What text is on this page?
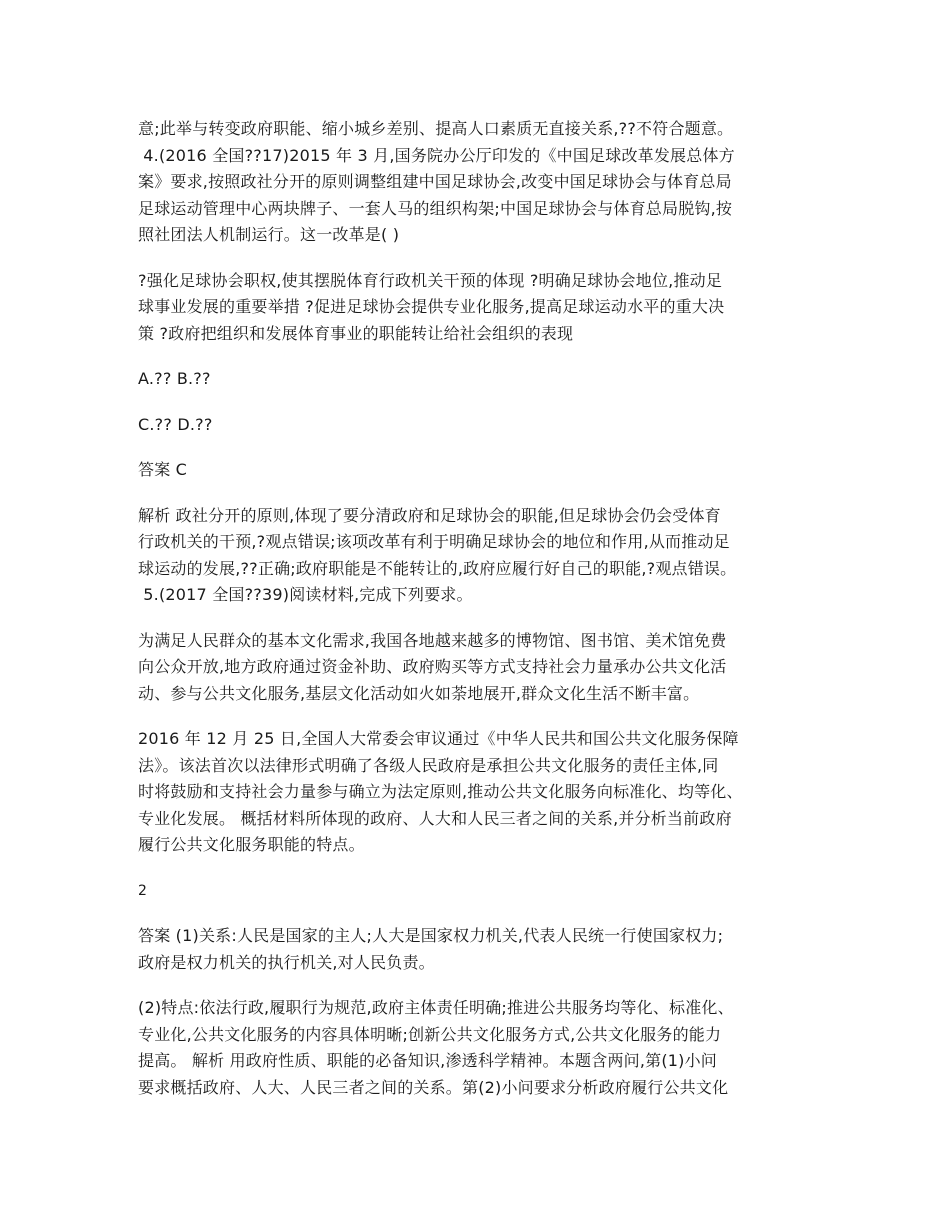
意;此举与转变政府职能、缩小城乡差别、提高人口素质无直接关系,??不符合题意。
4.(2016 全国??17)2015 年 3 月,国务院办公厅印发的《中国足球改革发展总体方
案》要求,按照政社分开的原则调整组建中国足球协会,改变中国足球协会与体育总局
足球运动管理中心两块牌子、一套人马的组织构架;中国足球协会与体育总局脱钩,按
照社团法人机制运行。这一改革是( )
?强化足球协会职权,使其摆脱体育行政机关干预的体现 ?明确足球协会地位,推动足
球事业发展的重要举措 ?促进足球协会提供专业化服务,提高足球运动水平的重大决
策 ?政府把组织和发展体育事业的职能转让给社会组织的表现
A.?? B.??
C.?? D.??
答案 C
解析 政社分开的原则,体现了要分清政府和足球协会的职能,但足球协会仍会受体育
行政机关的干预,?观点错误;该项改革有利于明确足球协会的地位和作用,从而推动足
球运动的发展,??正确;政府职能是不能转让的,政府应履行好自己的职能,?观点错误。
5.(2017 全国??39)阅读材料,完成下列要求。
为满足人民群众的基本文化需求,我国各地越来越多的博物馆、图书馆、美术馆免费
向公众开放,地方政府通过资金补助、政府购买等方式支持社会力量承办公共文化活
动、参与公共文化服务,基层文化活动如火如荼地展开,群众文化生活不断丰富。
2016 年 12 月 25 日,全国人大常委会审议通过《中华人民共和国公共文化服务保障
法》。该法首次以法律形式明确了各级人民政府是承担公共文化服务的责任主体,同
时将鼓励和支持社会力量参与确立为法定原则,推动公共文化服务向标准化、均等化、
专业化发展。 概括材料所体现的政府、人大和人民三者之间的关系,并分析当前政府
履行公共文化服务职能的特点。
2
答案 (1)关系:人民是国家的主人;人大是国家权力机关,代表人民统一行使国家权力;
政府是权力机关的执行机关,对人民负责。
(2)特点:依法行政,履职行为规范,政府主体责任明确;推进公共服务均等化、标准化、
专业化,公共文化服务的内容具体明晰;创新公共文化服务方式,公共文化服务的能力
提高。 解析 用政府性质、职能的必备知识,渗透科学精神。本题含两问,第(1)小问
要求概括政府、人大、人民三者之间的关系。第(2)小问要求分析政府履行公共文化
